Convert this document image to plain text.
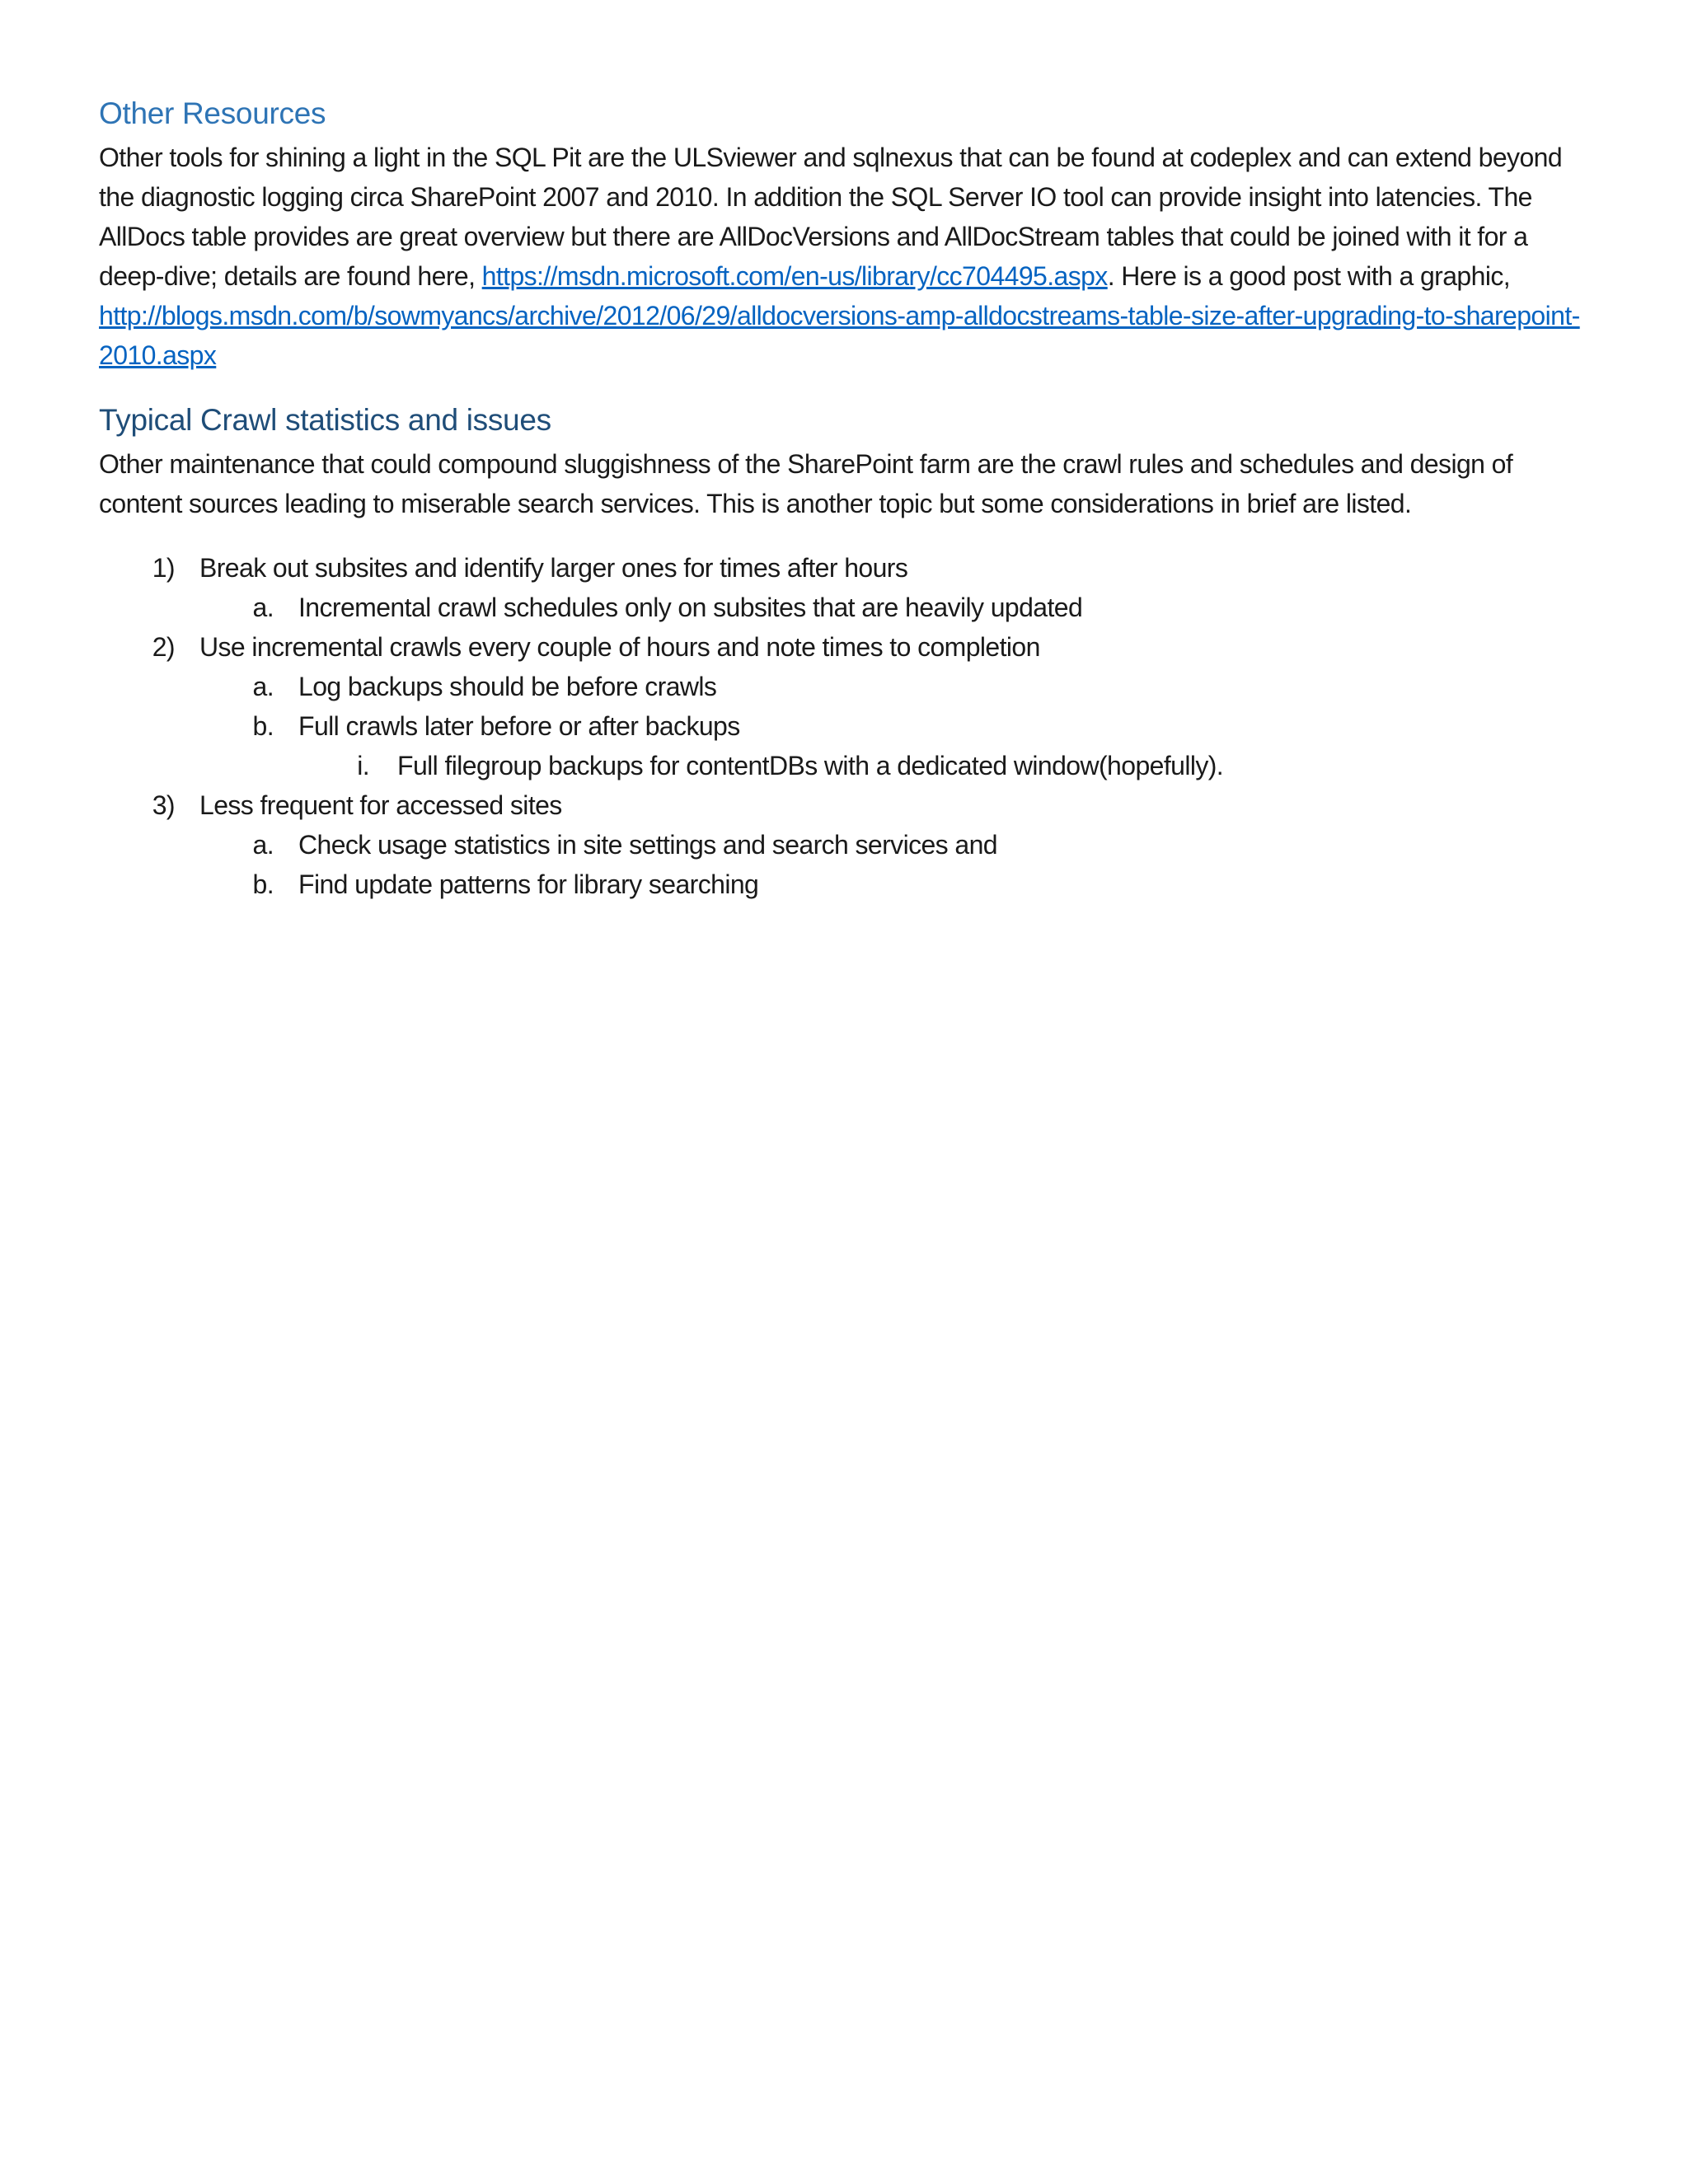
Other Resources

Other tools for shining a light in the SQL Pit are the ULSviewer and sqlnexus that can be found at codeplex and can extend beyond the diagnostic logging circa SharePoint 2007 and 2010. In addition the SQL Server IO tool can provide insight into latencies. The AllDocs table provides are great overview but there are AllDocVersions and AllDocStream tables that could be joined with it for a deep-dive; details are found here, https://msdn.microsoft.com/en-us/library/cc704495.aspx. Here is a good post with a graphic, http://blogs.msdn.com/b/sowmyancs/archive/2012/06/29/alldocversions-amp-alldocstreams-table-size-after-upgrading-to-sharepoint-2010.aspx

Typical Crawl statistics and issues

Other maintenance that could compound sluggishness of the SharePoint farm are the crawl rules and schedules and design of content sources leading to miserable search services. This is another topic but some considerations in brief are listed.

1) Break out subsites and identify larger ones for times after hours
a. Incremental crawl schedules only on subsites that are heavily updated
2) Use incremental crawls every couple of hours and note times to completion
a. Log backups should be before crawls
b. Full crawls later before or after backups
i. Full filegroup backups for contentDBs with a dedicated window(hopefully).
3) Less frequent for accessed sites
a. Check usage statistics in site settings and search services and
b. Find update patterns for library searching
